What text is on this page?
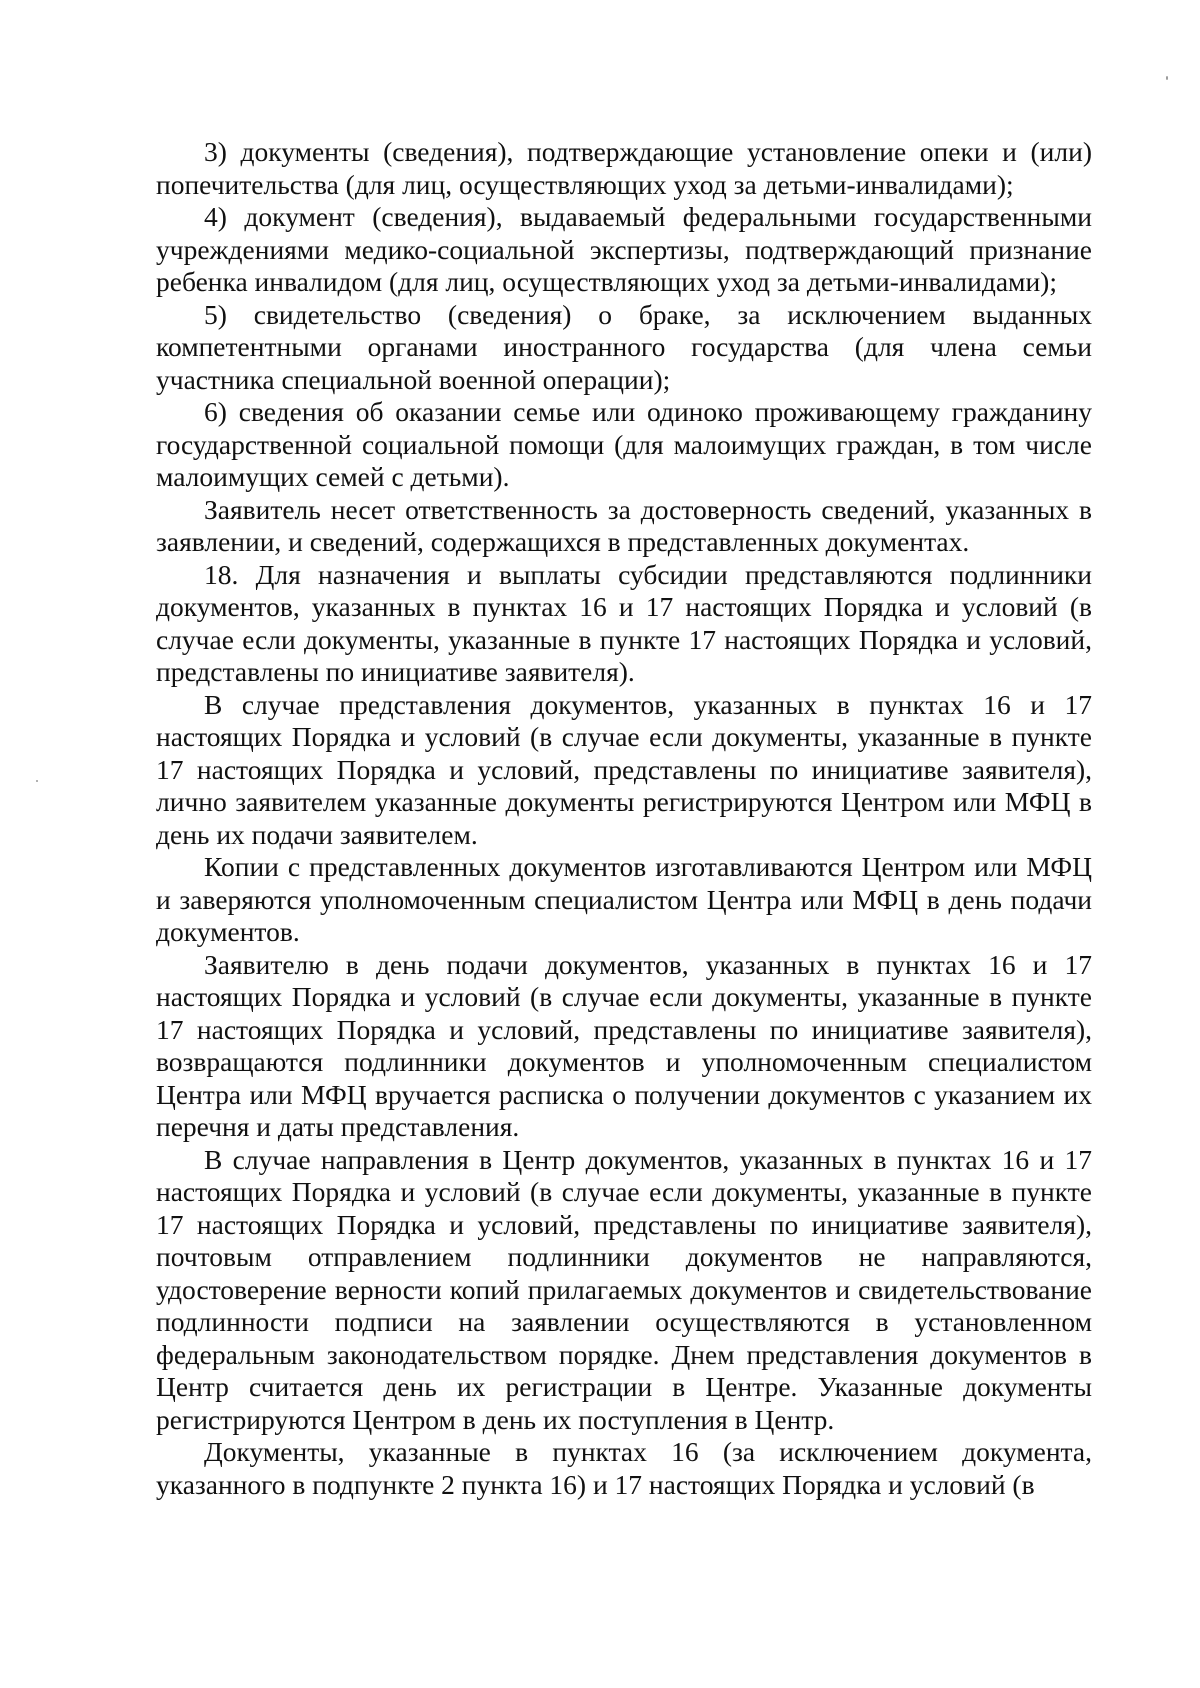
3) документы (сведения), подтверждающие установление опеки и (или) попечительства (для лиц, осуществляющих уход за детьми-инвалидами);

4) документ (сведения), выдаваемый федеральными государственными учреждениями медико-социальной экспертизы, подтверждающий признание ребенка инвалидом (для лиц, осуществляющих уход за детьми-инвалидами);

5) свидетельство (сведения) о браке, за исключением выданных компетентными органами иностранного государства (для члена семьи участника специальной военной операции);

6) сведения об оказании семье или одиноко проживающему гражданину государственной социальной помощи (для малоимущих граждан, в том числе малоимущих семей с детьми).

Заявитель несет ответственность за достоверность сведений, указанных в заявлении, и сведений, содержащихся в представленных документах.

18. Для назначения и выплаты субсидии представляются подлинники документов, указанных в пунктах 16 и 17 настоящих Порядка и условий (в случае если документы, указанные в пункте 17 настоящих Порядка и условий, представлены по инициативе заявителя).

В случае представления документов, указанных в пунктах 16 и 17 настоящих Порядка и условий (в случае если документы, указанные в пункте 17 настоящих Порядка и условий, представлены по инициативе заявителя), лично заявителем указанные документы регистрируются Центром или МФЦ в день их подачи заявителем.

Копии с представленных документов изготавливаются Центром или МФЦ и заверяются уполномоченным специалистом Центра или МФЦ в день подачи документов.

Заявителю в день подачи документов, указанных в пунктах 16 и 17 настоящих Порядка и условий (в случае если документы, указанные в пункте 17 настоящих Порядка и условий, представлены по инициативе заявителя), возвращаются подлинники документов и уполномоченным специалистом Центра или МФЦ вручается расписка о получении документов с указанием их перечня и даты представления.

В случае направления в Центр документов, указанных в пунктах 16 и 17 настоящих Порядка и условий (в случае если документы, указанные в пункте 17 настоящих Порядка и условий, представлены по инициативе заявителя), почтовым отправлением подлинники документов не направляются, удостоверение верности копий прилагаемых документов и свидетельствование подлинности подписи на заявлении осуществляются в установленном федеральным законодательством порядке. Днем представления документов в Центр считается день их регистрации в Центре. Указанные документы регистрируются Центром в день их поступления в Центр.

Документы, указанные в пунктах 16 (за исключением документа, указанного в подпункте 2 пункта 16) и 17 настоящих Порядка и условий (в
